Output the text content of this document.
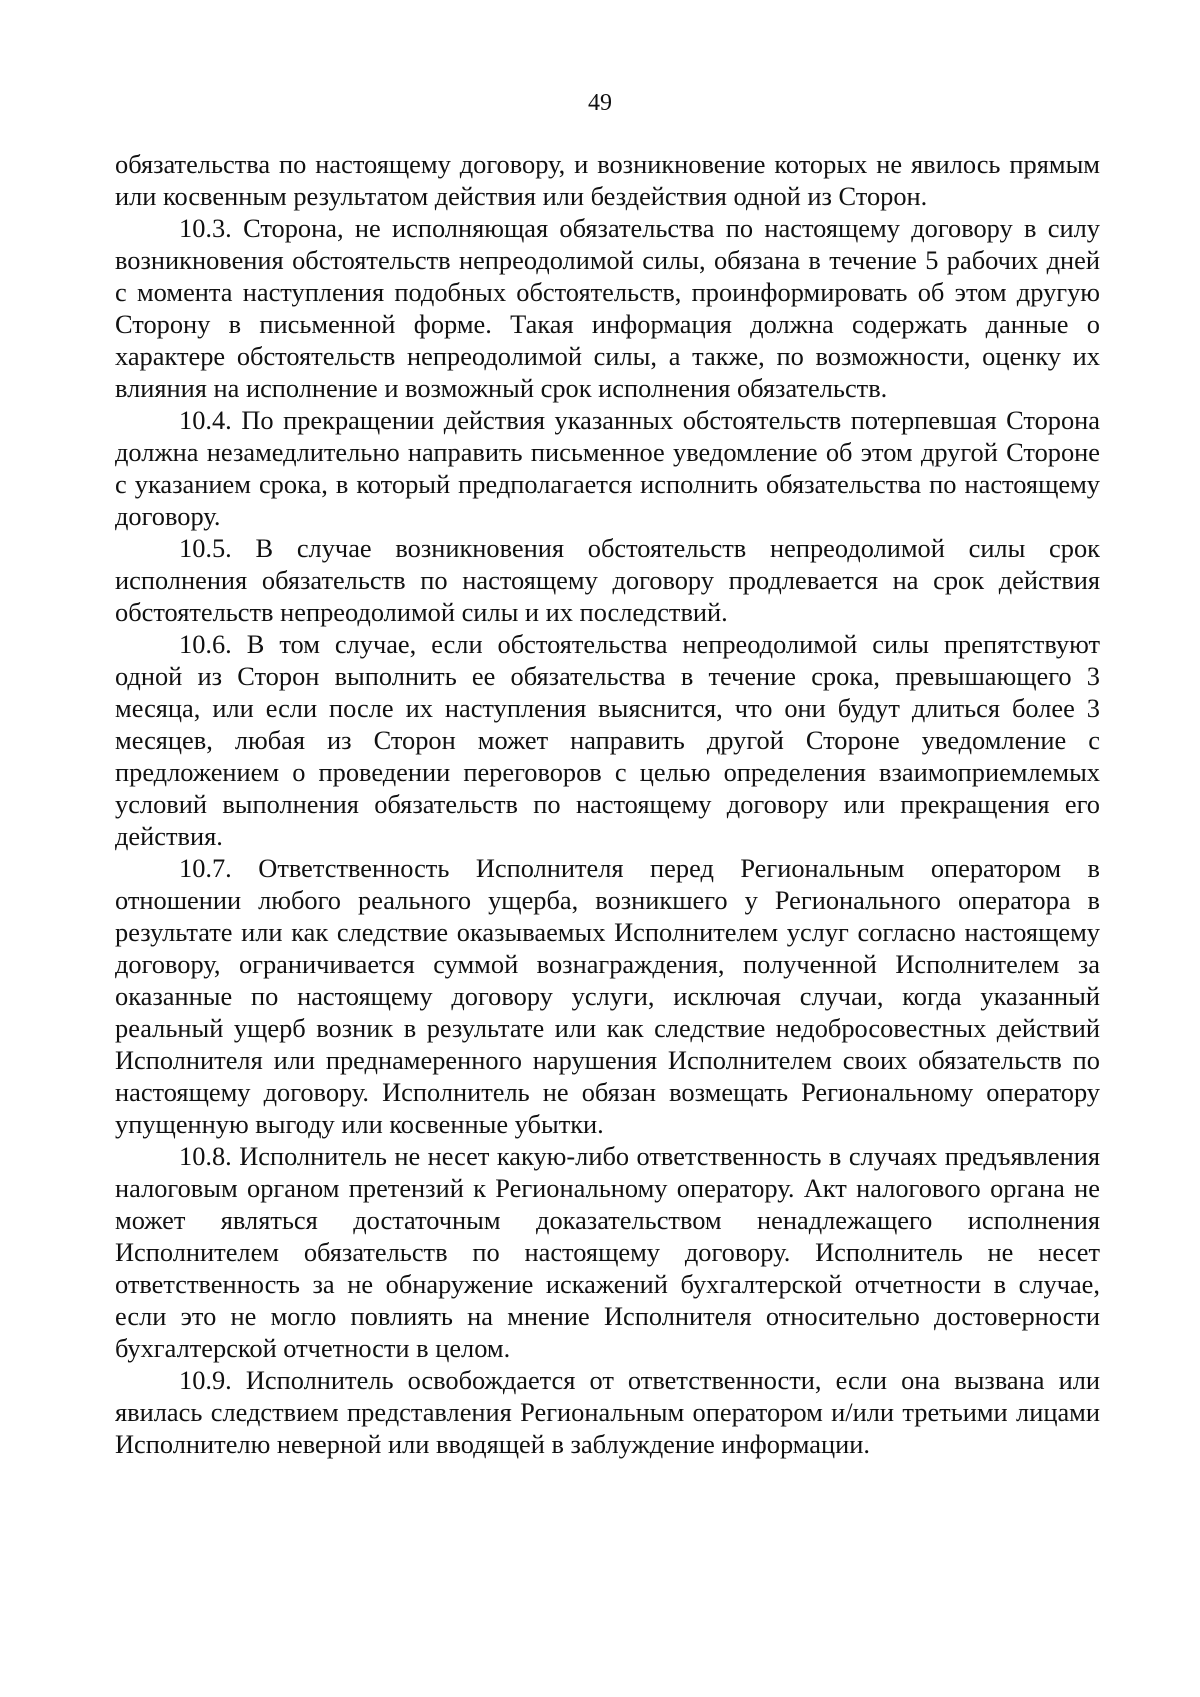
49

обязательства по настоящему договору, и возникновение которых не явилось прямым или косвенным результатом действия или бездействия одной из Сторон.

10.3. Сторона, не исполняющая обязательства по настоящему договору в силу возникновения обстоятельств непреодолимой силы, обязана в течение 5 рабочих дней с момента наступления подобных обстоятельств, проинформировать об этом другую Сторону в письменной форме. Такая информация должна содержать данные о характере обстоятельств непреодолимой силы, а также, по возможности, оценку их влияния на исполнение и возможный срок исполнения обязательств.

10.4. По прекращении действия указанных обстоятельств потерпевшая Сторона должна незамедлительно направить письменное уведомление об этом другой Стороне с указанием срока, в который предполагается исполнить обязательства по настоящему договору.

10.5. В случае возникновения обстоятельств непреодолимой силы срок исполнения обязательств по настоящему договору продлевается на срок действия обстоятельств непреодолимой силы и их последствий.

10.6. В том случае, если обстоятельства непреодолимой силы препятствуют одной из Сторон выполнить ее обязательства в течение срока, превышающего 3 месяца, или если после их наступления выяснится, что они будут длиться более 3 месяцев, любая из Сторон может направить другой Стороне уведомление с предложением о проведении переговоров с целью определения взаимоприемлемых условий выполнения обязательств по настоящему договору или прекращения его действия.

10.7. Ответственность Исполнителя перед Региональным оператором в отношении любого реального ущерба, возникшего у Регионального оператора в результате или как следствие оказываемых Исполнителем услуг согласно настоящему договору, ограничивается суммой вознаграждения, полученной Исполнителем за оказанные по настоящему договору услуги, исключая случаи, когда указанный реальный ущерб возник в результате или как следствие недобросовестных действий Исполнителя или преднамеренного нарушения Исполнителем своих обязательств по настоящему договору. Исполнитель не обязан возмещать Региональному оператору упущенную выгоду или косвенные убытки.

10.8. Исполнитель не несет какую-либо ответственность в случаях предъявления налоговым органом претензий к Региональному оператору. Акт налогового органа не может являться достаточным доказательством ненадлежащего исполнения Исполнителем обязательств по настоящему договору. Исполнитель не несет ответственность за не обнаружение искажений бухгалтерской отчетности в случае, если это не могло повлиять на мнение Исполнителя относительно достоверности бухгалтерской отчетности в целом.

10.9. Исполнитель освобождается от ответственности, если она вызвана или явилась следствием представления Региональным оператором и/или третьими лицами Исполнителю неверной или вводящей в заблуждение информации.
